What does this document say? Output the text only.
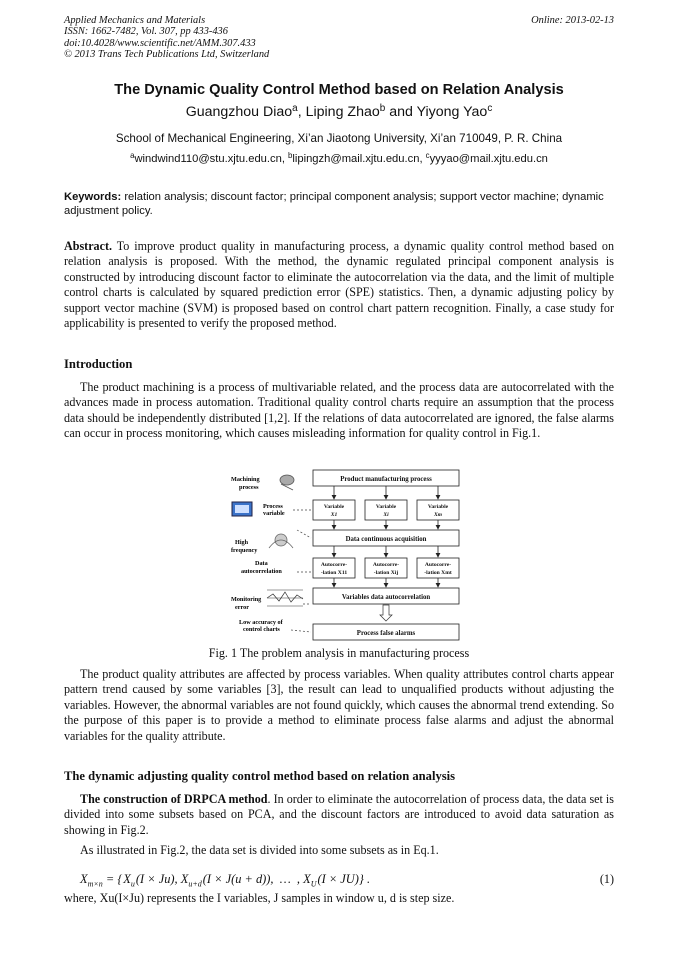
Applied Mechanics and Materials
ISSN: 1662-7482, Vol. 307, pp 433-436
doi:10.4028/www.scientific.net/AMM.307.433
© 2013 Trans Tech Publications Ltd, Switzerland
Online: 2013-02-13
The Dynamic Quality Control Method based on Relation Analysis
Guangzhou Diao$^a$, Liping Zhao$^b$ and Yiyong Yao$^c$
School of Mechanical Engineering, Xi’an Jiaotong University, Xi’an 710049, P. R. China
$^a$windwind110@stu.xjtu.edu.cn, $^b$lipingzh@mail.xjtu.edu.cn, $^c$yyyao@mail.xjtu.edu.cn
Keywords: relation analysis; discount factor; principal component analysis; support vector machine; dynamic adjustment policy.
Abstract. To improve product quality in manufacturing process, a dynamic quality control method based on relation analysis is proposed. With the method, the dynamic regulated principal component analysis is constructed by introducing discount factor to eliminate the autocorrelation via the data, and the limit of multiple control charts is calculated by squared prediction error (SPE) statistics. Then, a dynamic adjusting policy by support vector machine (SVM) is proposed based on control chart pattern recognition. Finally, a case study for applicability is presented to verify the proposed method.
Introduction
The product machining is a process of multivariable related, and the process data are autocorrelated with the advances made in process automation. Traditional quality control charts require an assumption that the process data should be independently distributed [1,2]. If the relations of data autocorrelated are ignored, the false alarms can occur in process monitoring, which causes misleading information for quality control in Fig.1.
Machining
process
Process
variable
High
frequency
Data
autocorrelation
Monitoring
error
Low accuracy of
control charts
Product manufacturing process
Data continuous acquisition
Variables data autocorrelation
Process false alarms
Variable
X1
Variable
Xi
Variable
Xm
Autocorre-
-lation X11
Autocorre-
-lation Xij
Autocorre-
-lation Xmt
Fig. 1 The problem analysis in manufacturing process
The product quality attributes are affected by process variables. When quality attributes control charts appear pattern trend caused by some variables [3], the result can lead to unqualified products without adjusting the variables. However, the abnormal variables are not found quickly, which causes the abnormal trend extending. So the purpose of this paper is to provide a method to eliminate process false alarms and adjust the abnormal variables for the quality attribute.
The dynamic adjusting quality control method based on relation analysis
The construction of DRPCA method. In order to eliminate the autocorrelation of process data, the data set is divided into some subsets based on PCA, and the discount factors are introduced to avoid data saturation as showing in Fig.2.
As illustrated in Fig.2, the data set is divided into some subsets as in Eq.1.
$X_{m\times n}$ = { $X_u$ (I × Ju), $X_{u+d}$ (I × J(u + d)),  …  , $X_U$ (I × JU)} .	(1)
where, Xu(I×Ju) represents the I variables, J samples in window u, d is step size.
